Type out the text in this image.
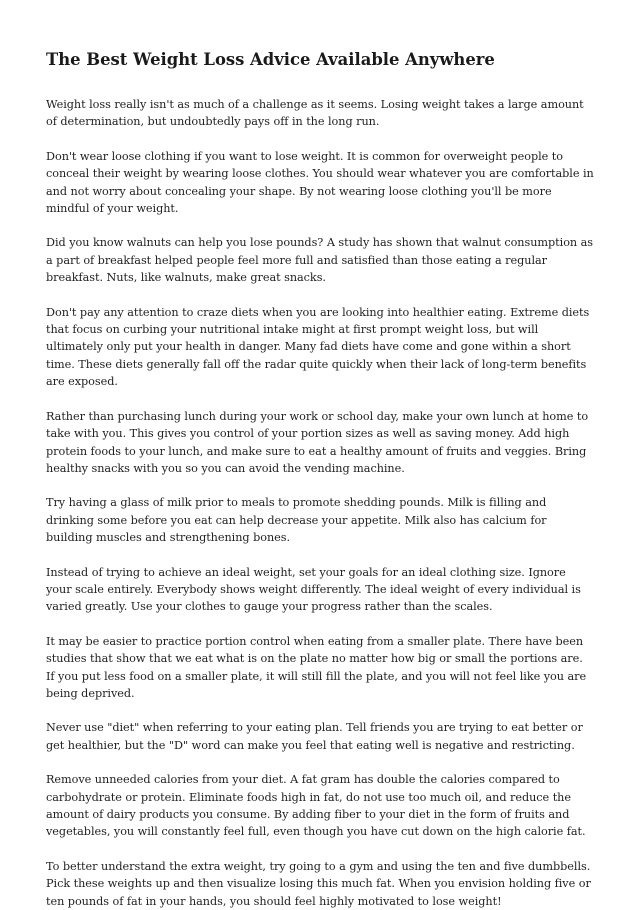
The Best Weight Loss Advice Available Anywhere

Weight loss really isn't as much of a challenge as it seems. Losing weight takes a large amount of determination, but undoubtedly pays off in the long run.

Don't wear loose clothing if you want to lose weight. It is common for overweight people to conceal their weight by wearing loose clothes. You should wear whatever you are comfortable in and not worry about concealing your shape. By not wearing loose clothing you'll be more mindful of your weight.

Did you know walnuts can help you lose pounds? A study has shown that walnut consumption as a part of breakfast helped people feel more full and satisfied than those eating a regular breakfast. Nuts, like walnuts, make great snacks.

Don't pay any attention to craze diets when you are looking into healthier eating. Extreme diets that focus on curbing your nutritional intake might at first prompt weight loss, but will ultimately only put your health in danger. Many fad diets have come and gone within a short time. These diets generally fall off the radar quite quickly when their lack of long-term benefits are exposed.

Rather than purchasing lunch during your work or school day, make your own lunch at home to take with you. This gives you control of your portion sizes as well as saving money. Add high protein foods to your lunch, and make sure to eat a healthy amount of fruits and veggies. Bring healthy snacks with you so you can avoid the vending machine.

Try having a glass of milk prior to meals to promote shedding pounds. Milk is filling and drinking some before you eat can help decrease your appetite. Milk also has calcium for building muscles and strengthening bones.

Instead of trying to achieve an ideal weight, set your goals for an ideal clothing size. Ignore your scale entirely. Everybody shows weight differently. The ideal weight of every individual is varied greatly. Use your clothes to gauge your progress rather than the scales.

It may be easier to practice portion control when eating from a smaller plate. There have been studies that show that we eat what is on the plate no matter how big or small the portions are. If you put less food on a smaller plate, it will still fill the plate, and you will not feel like you are being deprived.

Never use "diet" when referring to your eating plan. Tell friends you are trying to eat better or get healthier, but the "D" word can make you feel that eating well is negative and restricting.

Remove unneeded calories from your diet. A fat gram has double the calories compared to carbohydrate or protein. Eliminate foods high in fat, do not use too much oil, and reduce the amount of dairy products you consume. By adding fiber to your diet in the form of fruits and vegetables, you will constantly feel full, even though you have cut down on the high calorie fat.

To better understand the extra weight, try going to a gym and using the ten and five dumbbells. Pick these weights up and then visualize losing this much fat. When you envision holding five or ten pounds of fat in your hands, you should feel highly motivated to lose weight!
